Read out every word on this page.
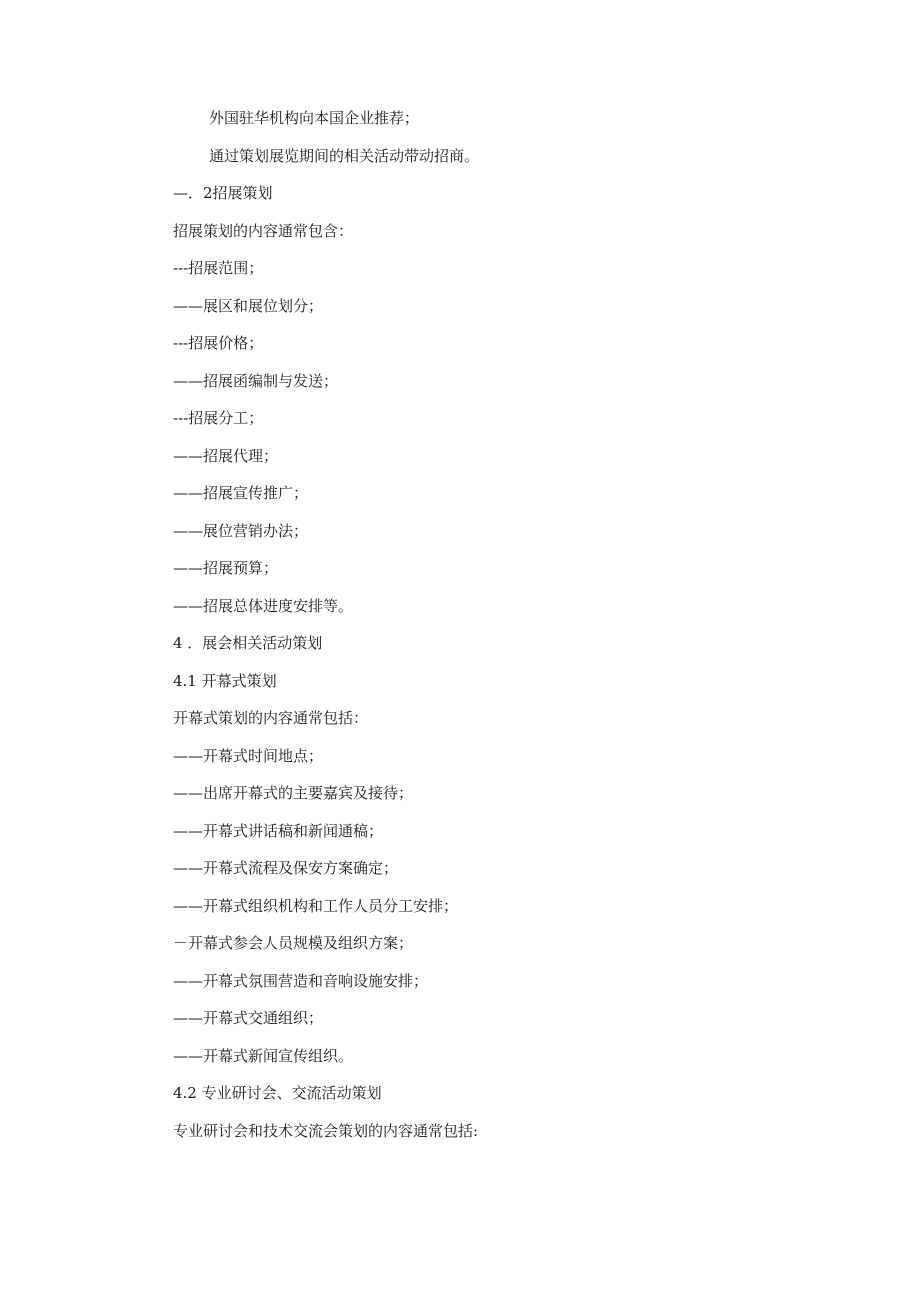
外国驻华机构向本国企业推荐；
通过策划展览期间的相关活动带动招商。
—．2招展策划
招展策划的内容通常包含：
---招展范围；
——展区和展位划分；
---招展价格；
——招展函编制与发送；
---招展分工；
——招展代理；
——招展宣传推广；
——展位营销办法；
——招展预算；
——招展总体进度安排等。
4 ．展会相关活动策划
4.1 开幕式策划
开幕式策划的内容通常包括：
——开幕式时间地点；
——出席开幕式的主要嘉宾及接待；
——开幕式讲话稿和新闻通稿；
——开幕式流程及保安方案确定；
——开幕式组织机构和工作人员分工安排；
－开幕式参会人员规模及组织方案；
——开幕式氛围营造和音响设施安排；
——开幕式交通组织；
——开幕式新闻宣传组织。
4.2 专业研讨会、交流活动策划
专业研讨会和技术交流会策划的内容通常包括:
